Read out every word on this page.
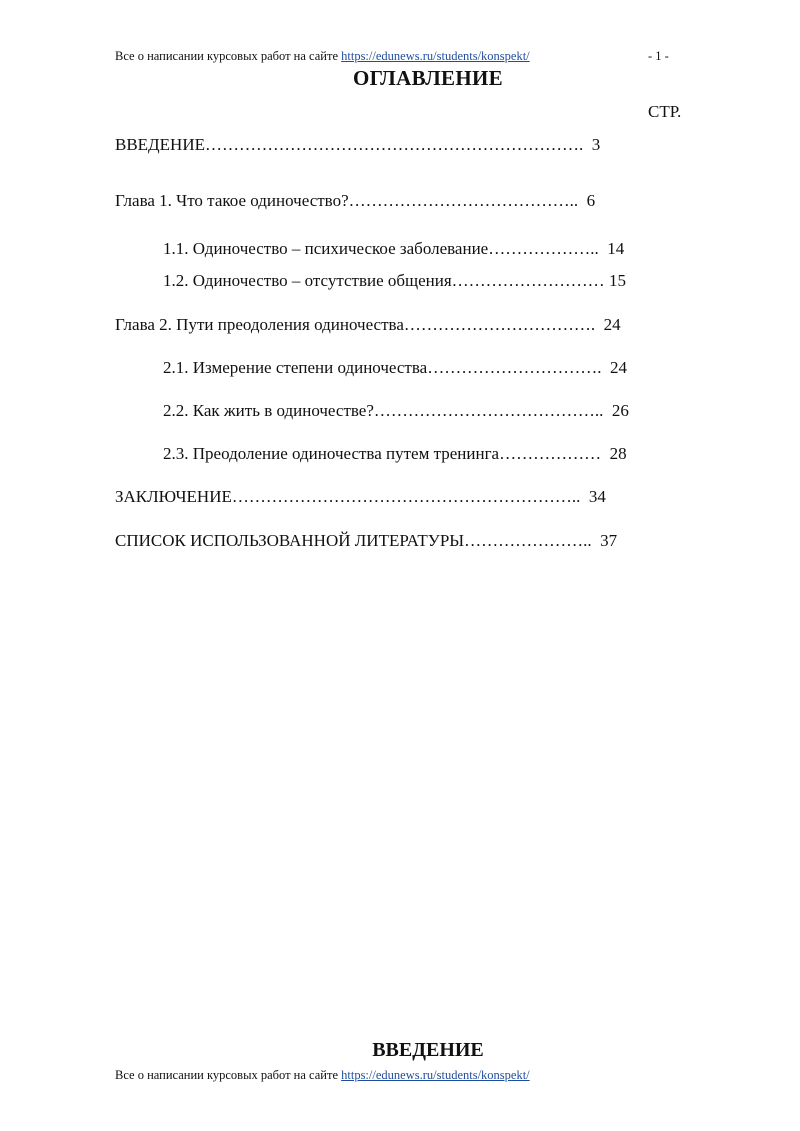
Все о написании курсовых работ на сайте https://edunews.ru/students/konspekt/	- 1 -
ОГЛАВЛЕНИЕ
СТР.
ВВЕДЕНИЕ…………………………………………………………. 3
Глава 1. Что такое одиночество?………………………………….. 6
1.1. Одиночество – психическое заболевание……………….. 14
1.2. Одиночество – отсутствие общения……………………… 15
Глава 2. Пути преодоления одиночества……………………………. 24
2.1. Измерение степени одиночества…………………………. 24
2.2. Как жить в одиночестве?………………………………….. 26
2.3. Преодоление одиночества путем тренинга……………… 28
ЗАКЛЮЧЕНИЕ…………………………………………………….. 34
СПИСОК ИСПОЛЬЗОВАННОЙ ЛИТЕРАТУРЫ………………….. 37
ВВЕДЕНИЕ
Все о написании курсовых работ на сайте https://edunews.ru/students/konspekt/
